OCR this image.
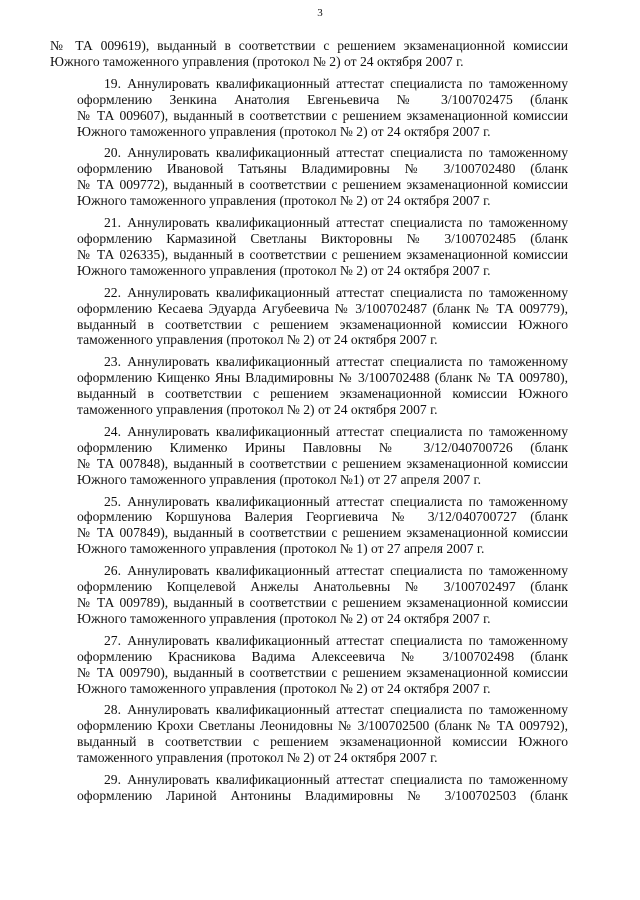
3
№ ТА 009619), выданный в соответствии с решением экзаменационной комиссии
Южного таможенного управления (протокол № 2) от 24 октября 2007 г.
19. Аннулировать квалификационный аттестат специалиста по таможенному
оформлению Зенкина Анатолия Евгеньевича № 3/100702475 (бланк
№ ТА 009607), выданный в соответствии с решением экзаменационной комиссии
Южного таможенного управления (протокол № 2) от 24 октября 2007 г.
20. Аннулировать квалификационный аттестат специалиста по таможенному
оформлению Ивановой Татьяны Владимировны № 3/100702480 (бланк
№ ТА 009772), выданный в соответствии с решением экзаменационной комиссии
Южного таможенного управления (протокол № 2) от 24 октября 2007 г.
21. Аннулировать квалификационный аттестат специалиста по таможенному
оформлению Кармазиной Светланы Викторовны № 3/100702485 (бланк
№ ТА 026335), выданный в соответствии с решением экзаменационной комиссии
Южного таможенного управления (протокол № 2) от 24 октября 2007 г.
22. Аннулировать квалификационный аттестат специалиста по таможенному
оформлению Кесаева Эдуарда Агубеевича № 3/100702487 (бланк № ТА 009779),
выданный в соответствии с решением экзаменационной комиссии Южного
таможенного управления (протокол № 2) от 24 октября 2007 г.
23. Аннулировать квалификационный аттестат специалиста по таможенному
оформлению Кищенко Яны Владимировны № 3/100702488 (бланк № ТА 009780),
выданный в соответствии с решением экзаменационной комиссии Южного
таможенного управления (протокол № 2) от 24 октября 2007 г.
24. Аннулировать квалификационный аттестат специалиста по таможенному
оформлению Клименко Ирины Павловны № 3/12/040700726 (бланк
№ ТА 007848), выданный в соответствии с решением экзаменационной комиссии
Южного таможенного управления (протокол №1) от 27 апреля 2007 г.
25. Аннулировать квалификационный аттестат специалиста по таможенному
оформлению Коршунова Валерия Георгиевича № 3/12/040700727 (бланк
№ ТА 007849), выданный в соответствии с решением экзаменационной комиссии
Южного таможенного управления (протокол № 1) от 27 апреля 2007 г.
26. Аннулировать квалификационный аттестат специалиста по таможенному
оформлению Копцелевой Анжелы Анатольевны № 3/100702497 (бланк
№ ТА 009789), выданный в соответствии с решением экзаменационной комиссии
Южного таможенного управления (протокол № 2) от 24 октября 2007 г.
27. Аннулировать квалификационный аттестат специалиста по таможенному
оформлению Красникова Вадима Алексеевича № 3/100702498 (бланк
№ ТА 009790), выданный в соответствии с решением экзаменационной комиссии
Южного таможенного управления (протокол № 2) от 24 октября 2007 г.
28. Аннулировать квалификационный аттестат специалиста по таможенному
оформлению Крохи Светланы Леонидовны № 3/100702500 (бланк № ТА 009792),
выданный в соответствии с решением экзаменационной комиссии Южного
таможенного управления (протокол № 2) от 24 октября 2007 г.
29. Аннулировать квалификационный аттестат специалиста по таможенному
оформлению Лариной Антонины Владимировны № 3/100702503 (бланк
